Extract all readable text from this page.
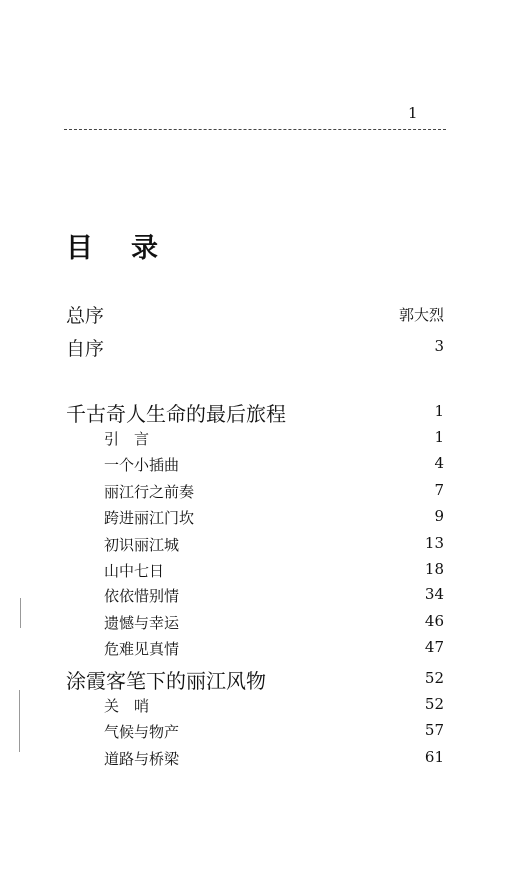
1
目录
总序	郭大烈
自序	3
千古奇人生命的最后旅程	1
引　言	1
一个小插曲	4
丽江行之前奏	7
跨进丽江门坎	9
初识丽江城	13
山中七日	18
依依惜别情	34
遗憾与幸运	46
危难见真情	47
涂霞客笔下的丽江风物	52
关　哨	52
气候与物产	57
道路与桥梁	61
